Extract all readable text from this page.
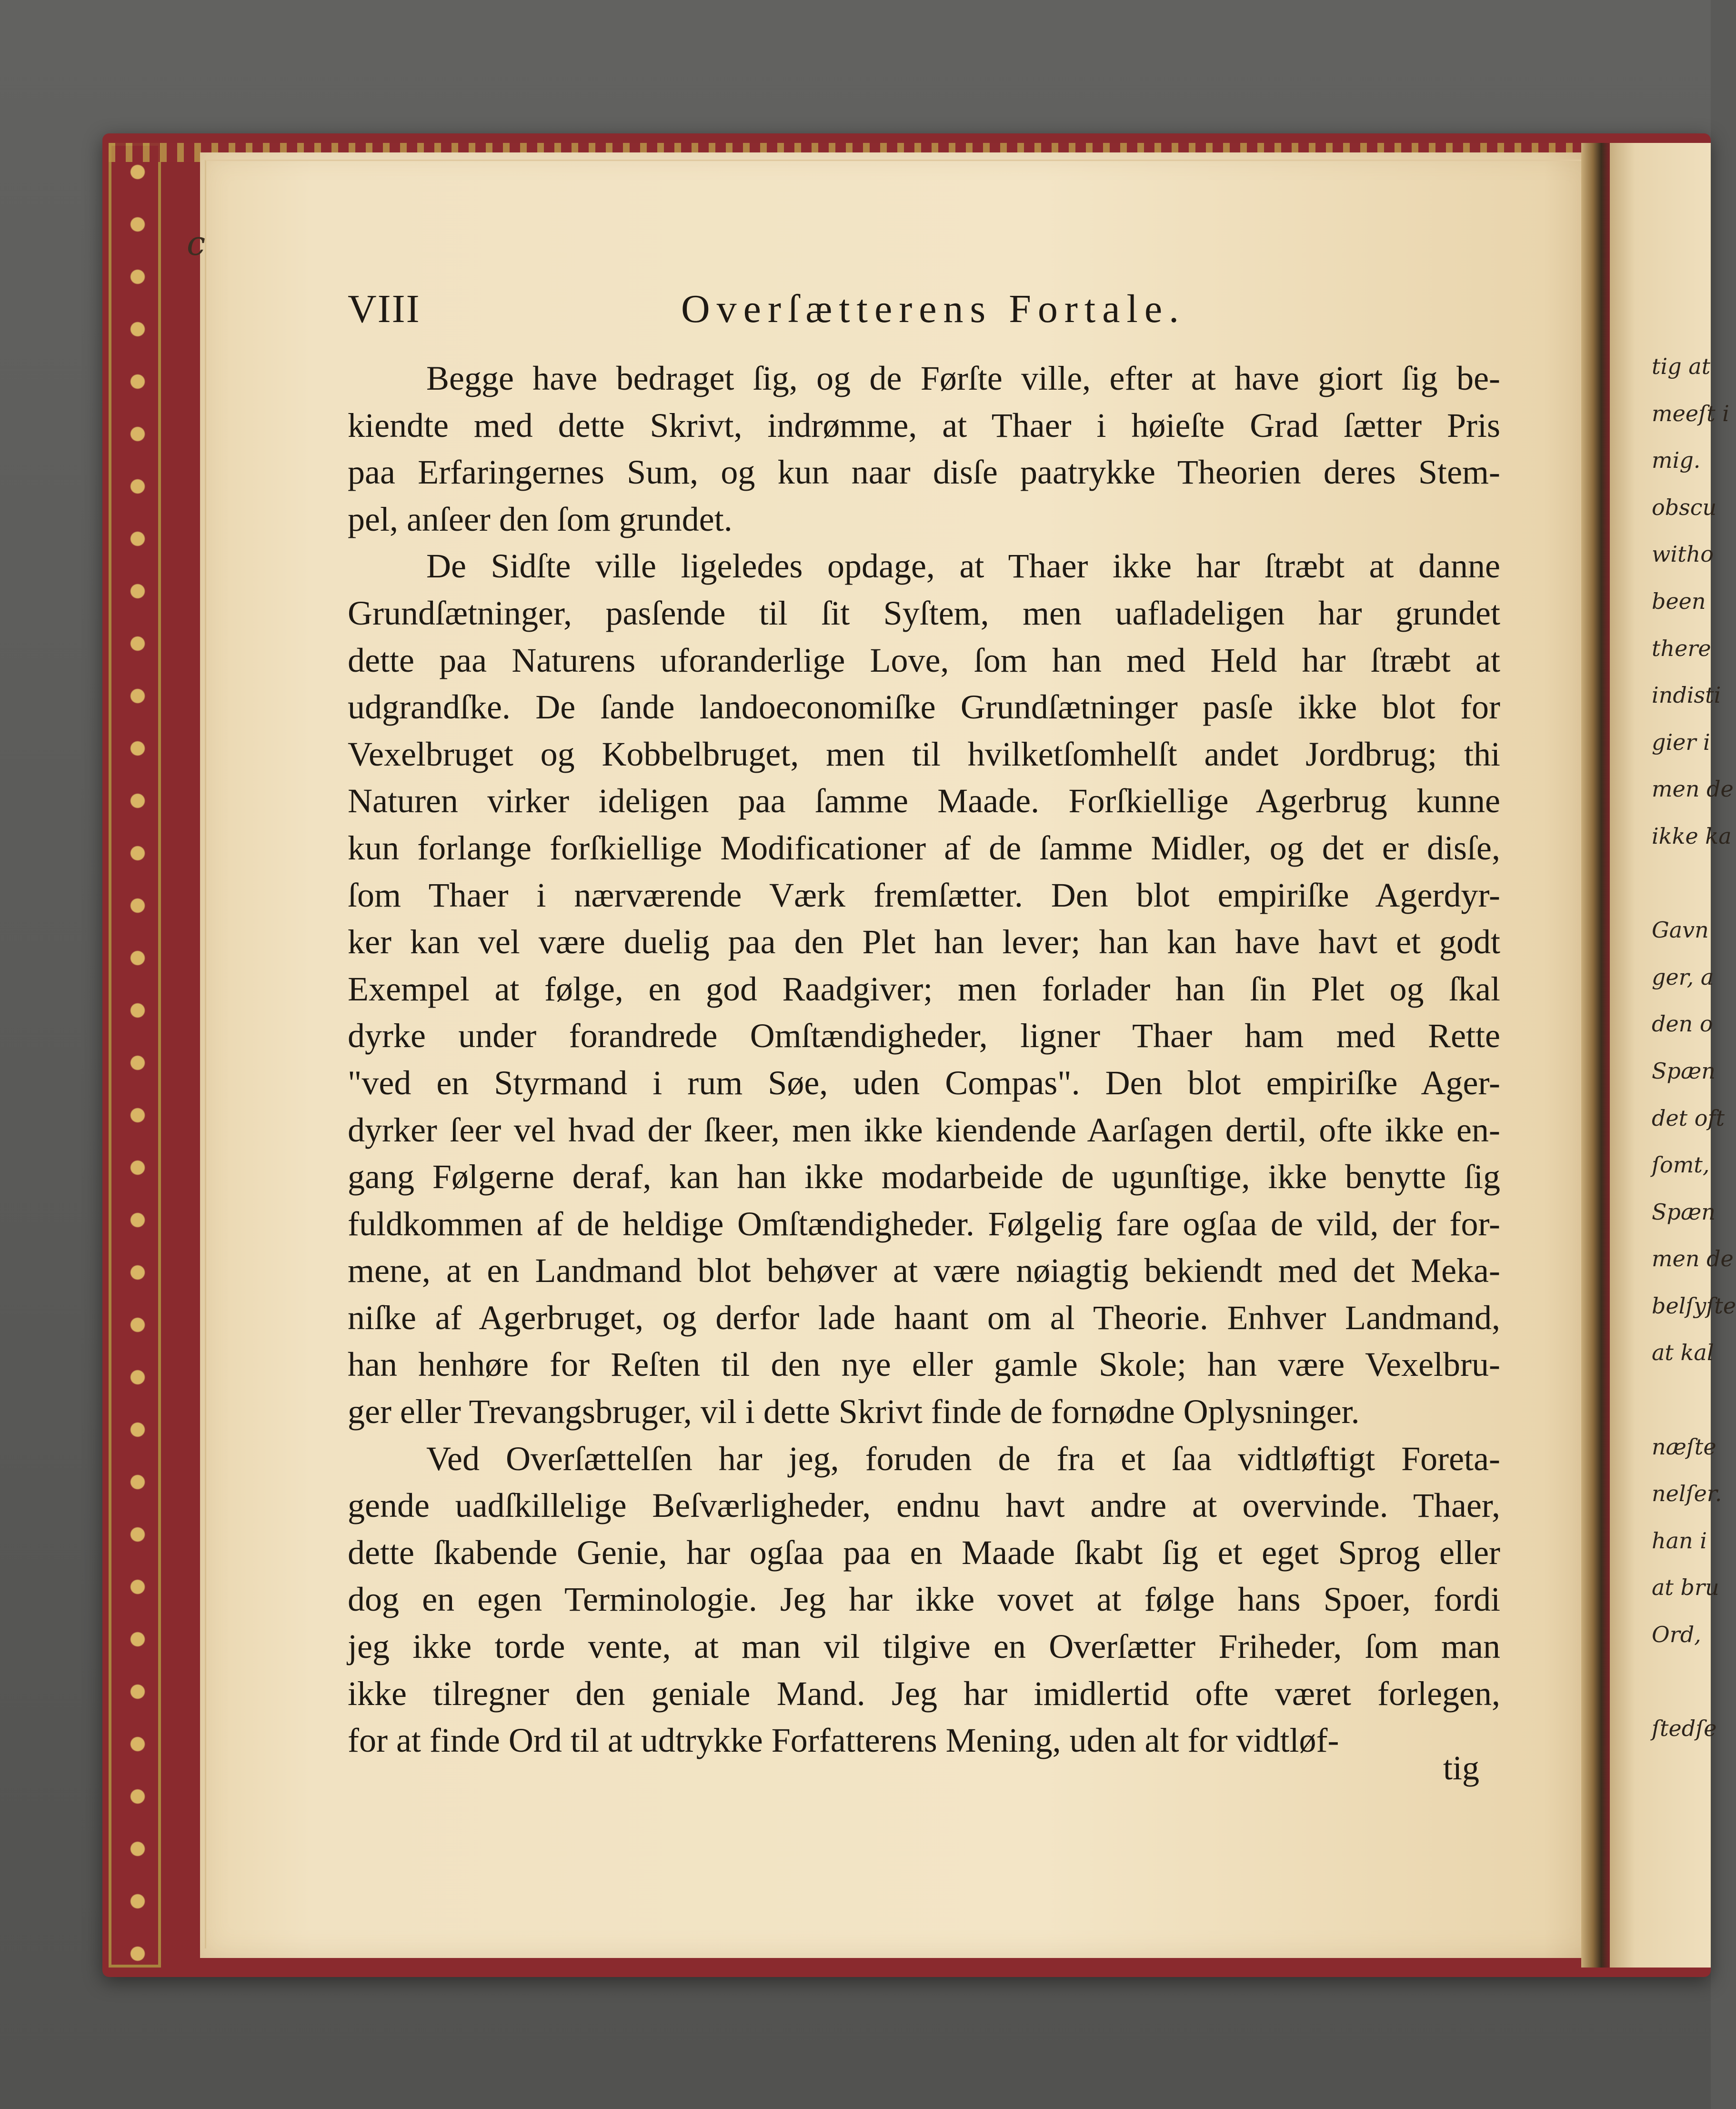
tig at
meeſt i
mig.
obscu
witho
been
there
indisti
gier i
men de
ikke ka
Gavn
ger, a
den o
Spæn
det oft
ſomt,
Spæn
men de
belſyſte
at kal
næſte
nelſer.
han i
at bru
Ord,
ſtedſe
c
VIII	Overſætterens Fortale.
Begge have bedraget ſig, og de Førſte ville, efter at have giort ſig be-
kiendte med dette Skrivt, indrømme, at Thaer i høieſte Grad ſætter Pris
paa Erfaringernes Sum, og kun naar disſe paatrykke Theorien deres Stem-
pel, anſeer den ſom grundet.
De Sidſte ville ligeledes opdage, at Thaer ikke har ſtræbt at danne
Grundſætninger, pasſende til ſit Syſtem, men uafladeligen har grundet
dette paa Naturens uforanderlige Love, ſom han med Held har ſtræbt at
udgrandſke. De ſande landoeconomiſke Grundſætninger pasſe ikke blot for
Vexelbruget og Kobbelbruget, men til hvilketſomhelſt andet Jordbrug; thi
Naturen virker ideligen paa ſamme Maade. Forſkiellige Agerbrug kunne
kun forlange forſkiellige Modificationer af de ſamme Midler, og det er disſe,
ſom Thaer i nærværende Værk fremſætter. Den blot empiriſke Agerdyr-
ker kan vel være duelig paa den Plet han lever; han kan have havt et godt
Exempel at følge, en god Raadgiver; men forlader han ſin Plet og ſkal
dyrke under forandrede Omſtændigheder, ligner Thaer ham med Rette
"ved en Styrmand i rum Søe, uden Compas". Den blot empiriſke Ager-
dyrker ſeer vel hvad der ſkeer, men ikke kiendende Aarſagen dertil, ofte ikke en-
gang Følgerne deraf, kan han ikke modarbeide de ugunſtige, ikke benytte ſig
fuldkommen af de heldige Omſtændigheder. Følgelig fare ogſaa de vild, der for-
mene, at en Landmand blot behøver at være nøiagtig bekiendt med det Meka-
niſke af Agerbruget, og derfor lade haant om al Theorie. Enhver Landmand,
han henhøre for Reſten til den nye eller gamle Skole; han være Vexelbru-
ger eller Trevangsbruger, vil i dette Skrivt finde de fornødne Oplysninger.
Ved Overſættelſen har jeg, foruden de fra et ſaa vidtløftigt Foreta-
gende uadſkillelige Beſværligheder, endnu havt andre at overvinde. Thaer,
dette ſkabende Genie, har ogſaa paa en Maade ſkabt ſig et eget Sprog eller
dog en egen Terminologie. Jeg har ikke vovet at følge hans Spoer, fordi
jeg ikke torde vente, at man vil tilgive en Overſætter Friheder, ſom man
ikke tilregner den geniale Mand. Jeg har imidlertid ofte været forlegen,
for at finde Ord til at udtrykke Forfatterens Mening, uden alt for vidtløf-
tig
